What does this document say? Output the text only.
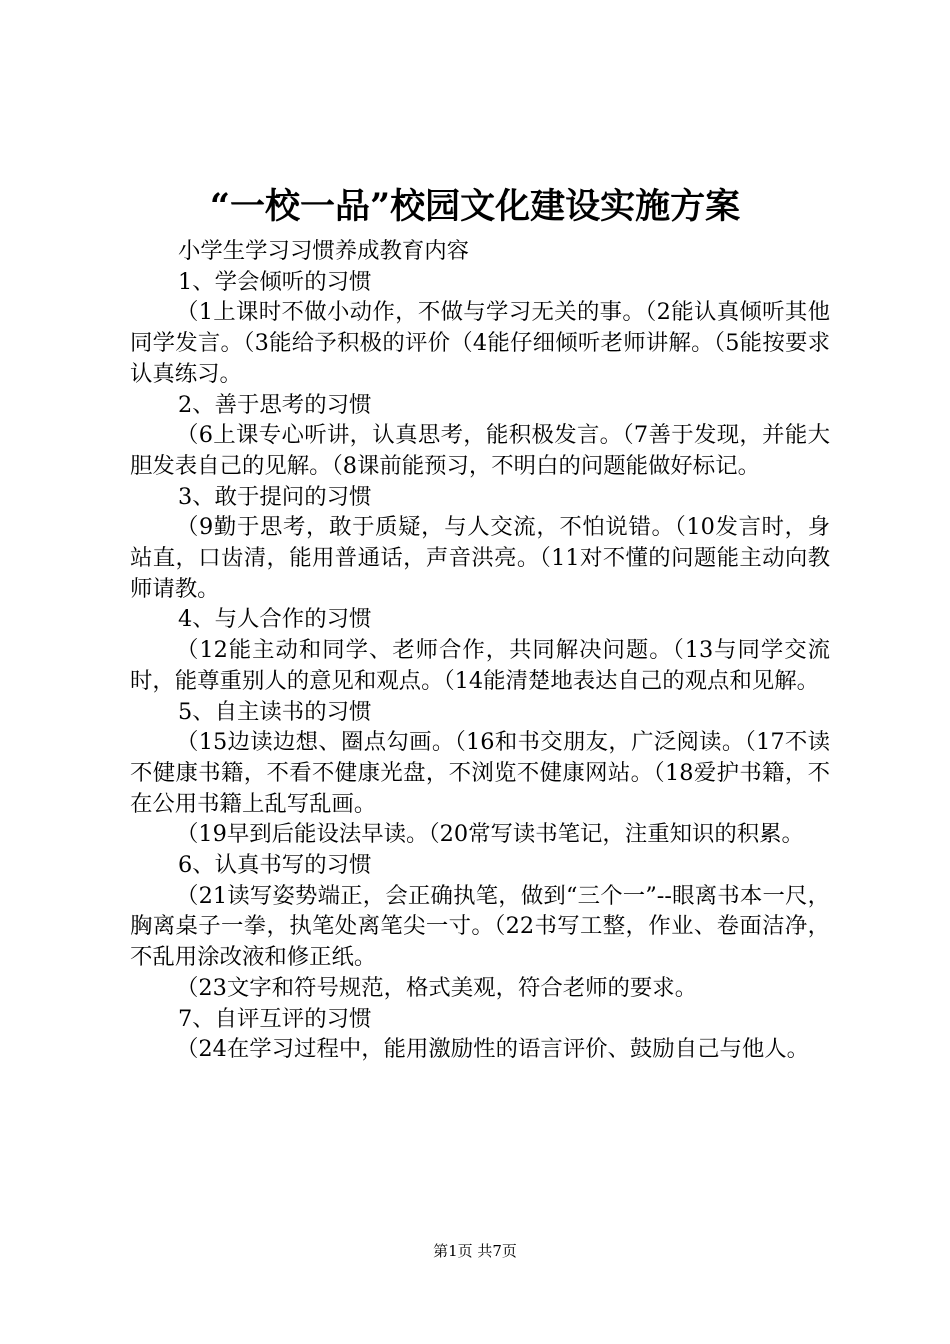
“一校一品”校园文化建设实施方案

小学生学习习惯养成教育内容

1、学会倾听的习惯

（1上课时不做小动作，不做与学习无关的事。（2能认真倾听其他同学发言。（3能给予积极的评价（4能仔细倾听老师讲解。（5能按要求认真练习。

2、善于思考的习惯

（6上课专心听讲，认真思考，能积极发言。（7善于发现，并能大胆发表自己的见解。（8课前能预习，不明白的问题能做好标记。

3、敢于提问的习惯

（9勤于思考，敢于质疑，与人交流，不怕说错。（10发言时，身站直，口齿清，能用普通话，声音洪亮。（11对不懂的问题能主动向教师请教。

4、与人合作的习惯

（12能主动和同学、老师合作，共同解决问题。（13与同学交流时，能尊重别人的意见和观点。（14能清楚地表达自己的观点和见解。

5、自主读书的习惯

（15边读边想、圈点勾画。（16和书交朋友，广泛阅读。（17不读不健康书籍，不看不健康光盘，不浏览不健康网站。（18爱护书籍，不在公用书籍上乱写乱画。

（19早到后能设法早读。（20常写读书笔记，注重知识的积累。

6、认真书写的习惯

（21读写姿势端正，会正确执笔，做到“三个一”--眼离书本一尺，胸离桌子一拳，执笔处离笔尖一寸。（22书写工整，作业、卷面洁净，不乱用涂改液和修正纸。

（23文字和符号规范，格式美观，符合老师的要求。

7、自评互评的习惯

（24在学习过程中，能用激励性的语言评价、鼓励自己与他人。

第1页 共7页
